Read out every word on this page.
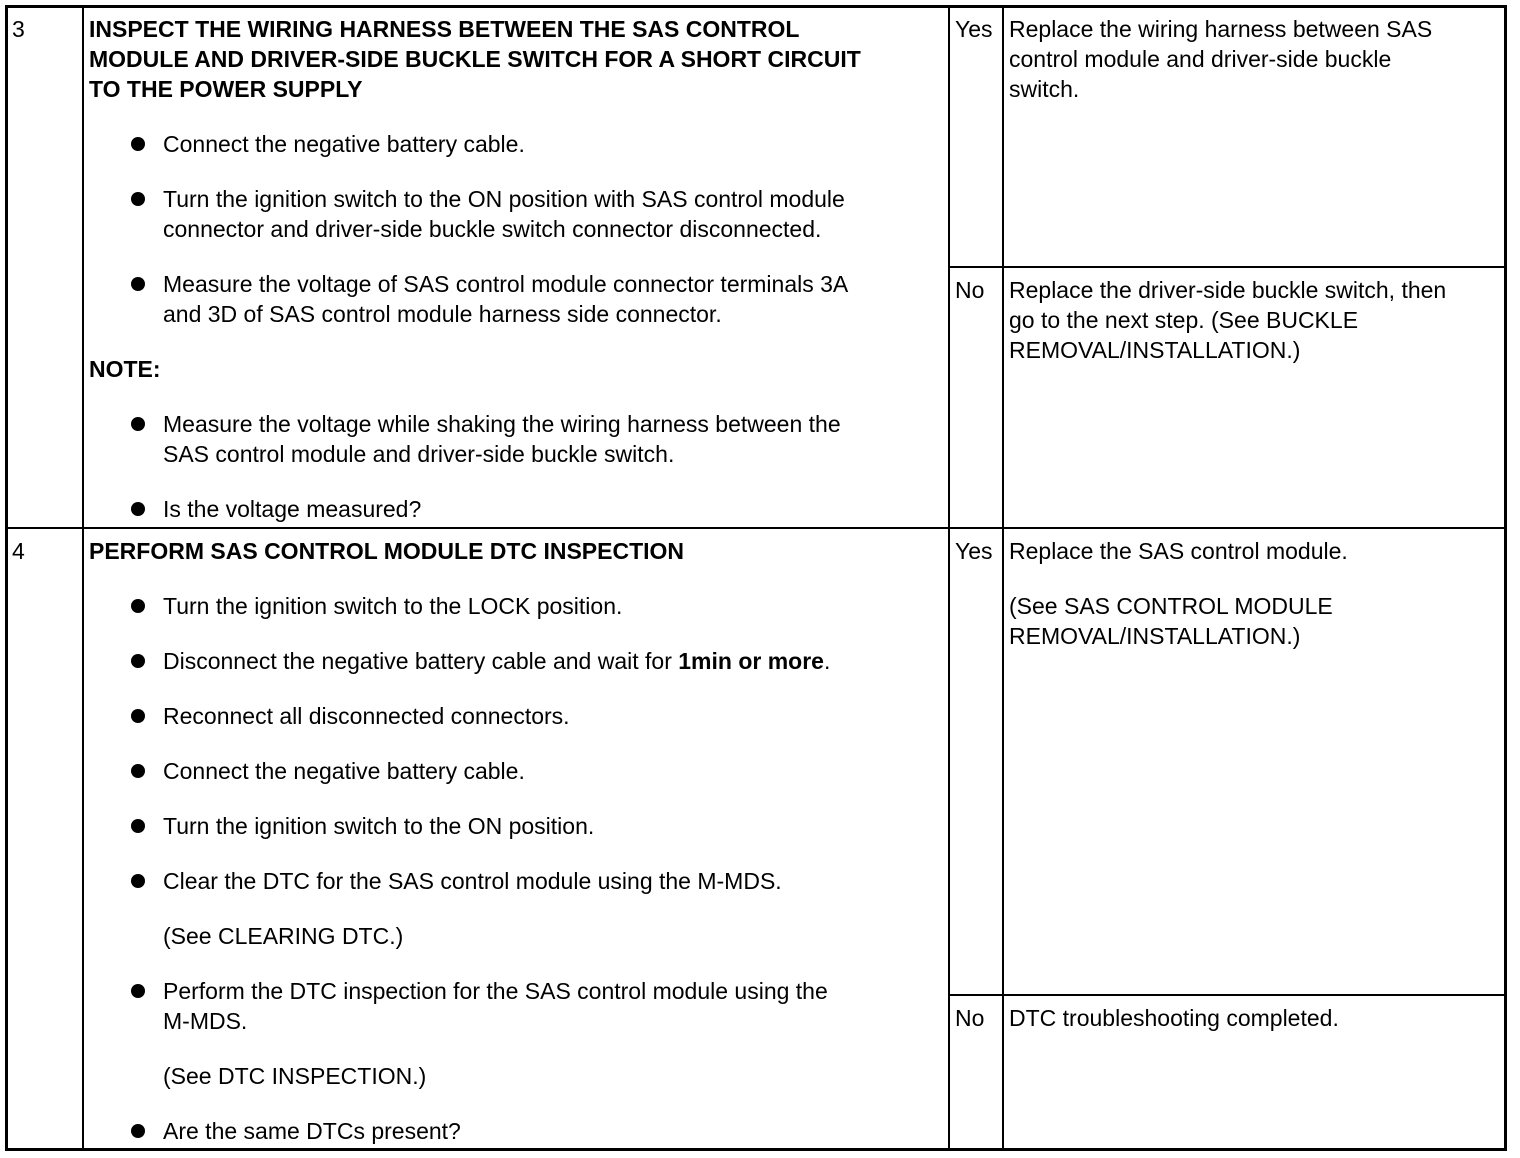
3	INSPECT THE WIRING HARNESS BETWEEN THE SAS CONTROL
MODULE AND DRIVER-SIDE BUCKLE SWITCH FOR A SHORT CIRCUIT
TO THE POWER SUPPLY
Connect the negative battery cable.
Turn the ignition switch to the ON position with SAS control module
connector and driver-side buckle switch connector disconnected.
Measure the voltage of SAS control module connector terminals 3A
and 3D of SAS control module harness side connector.
NOTE:
Measure the voltage while shaking the wiring harness between the
SAS control module and driver-side buckle switch.
Is the voltage measured?
Yes Replace the wiring harness between SAS
control module and driver-side buckle
switch.
No Replace the driver-side buckle switch, then
go to the next step. (See BUCKLE
REMOVAL/INSTALLATION.)
4	PERFORM SAS CONTROL MODULE DTC INSPECTION
Turn the ignition switch to the LOCK position.
Disconnect the negative battery cable and wait for 1min or more.
Reconnect all disconnected connectors.
Connect the negative battery cable.
Turn the ignition switch to the ON position.
Clear the DTC for the SAS control module using the M-MDS.
(See CLEARING DTC.)
Perform the DTC inspection for the SAS control module using the
M-MDS.
(See DTC INSPECTION.)
Are the same DTCs present?
Yes Replace the SAS control module.
(See SAS CONTROL MODULE
REMOVAL/INSTALLATION.)
No DTC troubleshooting completed.
